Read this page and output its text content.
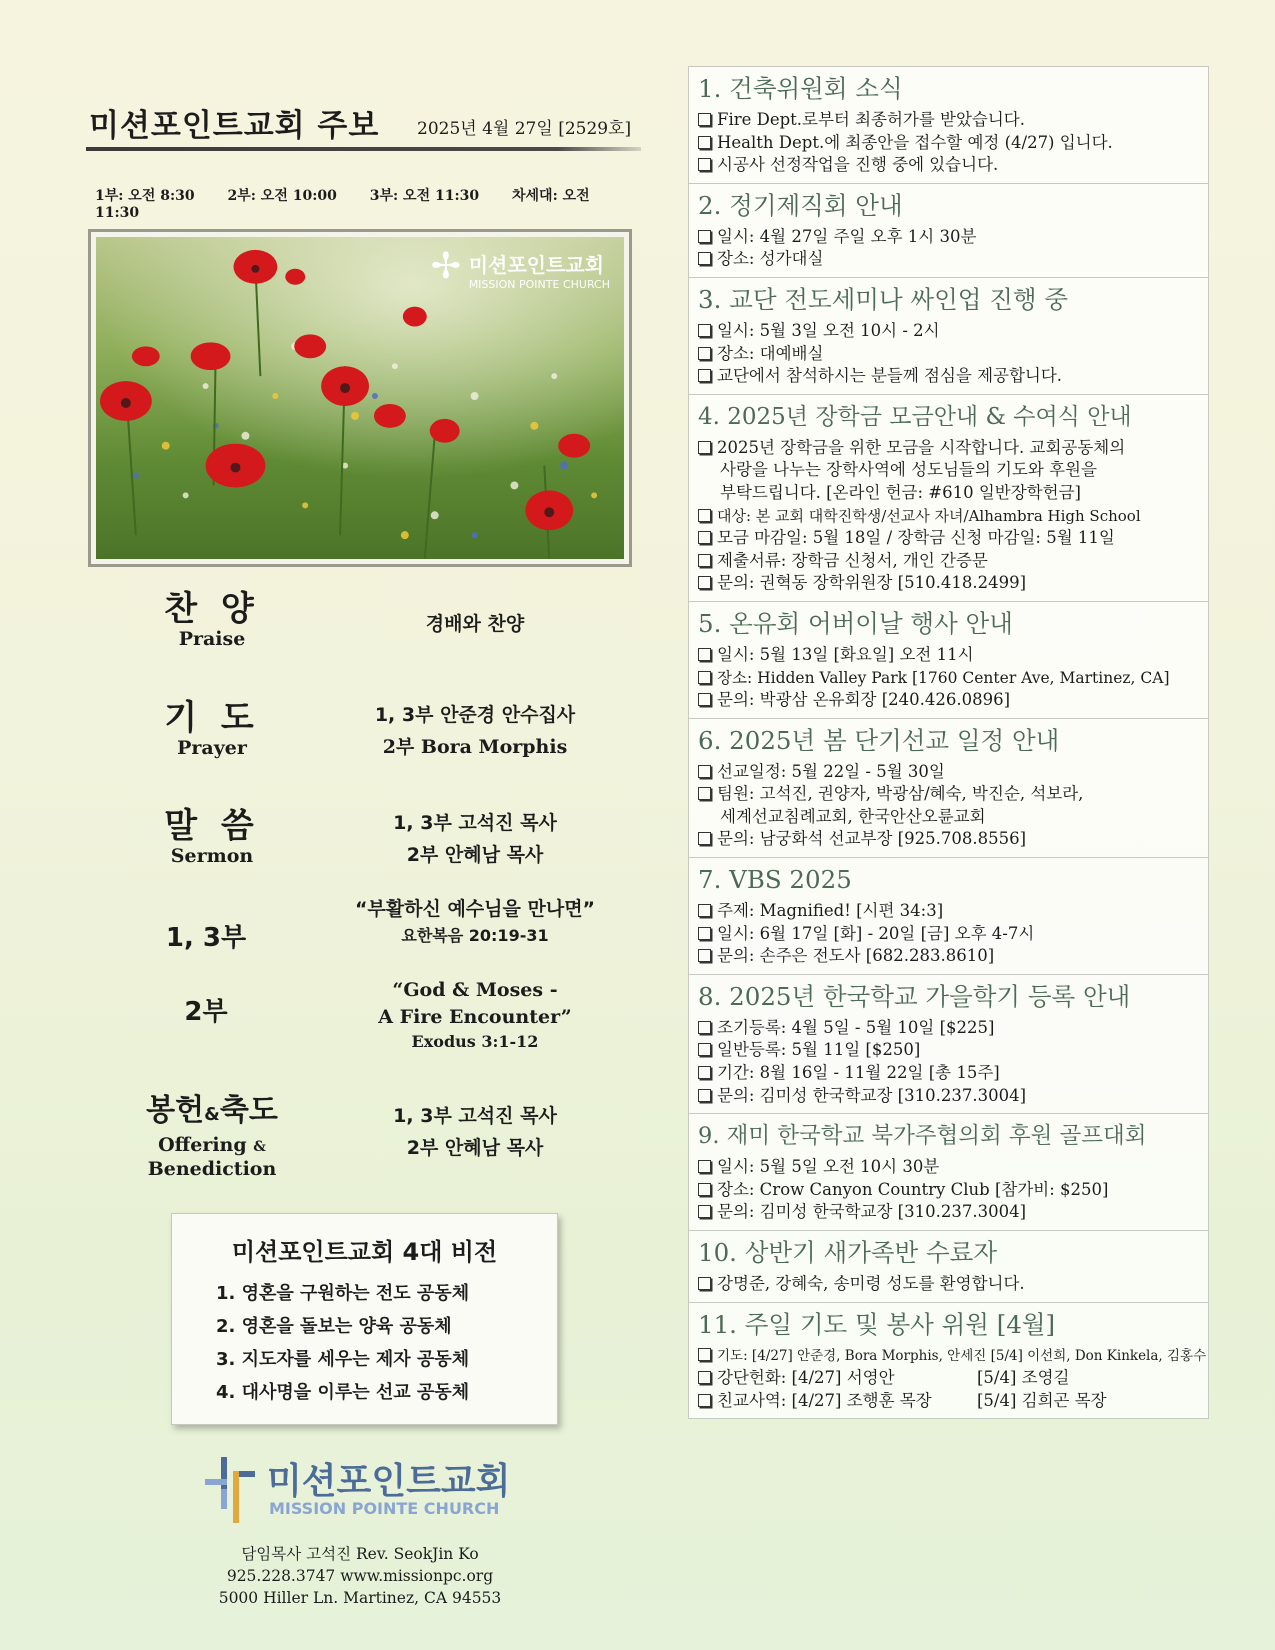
미션포인트교회 주보 2025년 4월 27일 [2529호]
1부: 오전 8:30 2부: 오전 10:00 3부: 오전 11:30 차세대: 오전 11:30
✢ 미션포인트교회
MISSION POINTE CHURCH
찬 양
Praise
경배와 찬양
기 도
Prayer
1, 3부 안준경 안수집사
2부 Bora Morphis
말 씀
Sermon
1, 3부 고석진 목사
2부 안혜남 목사
1, 3부
“부활하신 예수님을 만나면”
요한복음 20:19-31
2부
“God & Moses -
A Fire Encounter”
Exodus 3:1-12
봉헌&축도
Offering &
Benediction
1, 3부 고석진 목사
2부 안혜남 목사
미션포인트교회 4대 비전
1. 영혼을 구원하는 전도 공동체
2. 영혼을 돌보는 양육 공동체
3. 지도자를 세우는 제자 공동체
4. 대사명을 이루는 선교 공동체
미션포인트교회
MISSION POINTE CHURCH
담임목사 고석진 Rev. SeokJin Ko
925.228.3747 www.missionpc.org
5000 Hiller Ln. Martinez, CA 94553
1. 건축위원회 소식
Fire Dept.로부터 최종허가를 받았습니다.
Health Dept.에 최종안을 접수할 예정 (4/27) 입니다.
시공사 선정작업을 진행 중에 있습니다.
2. 정기제직회 안내
일시: 4월 27일 주일 오후 1시 30분
장소: 성가대실
3. 교단 전도세미나 싸인업 진행 중
일시: 5월 3일 오전 10시 - 2시
장소: 대예배실
교단에서 참석하시는 분들께 점심을 제공합니다.
4. 2025년 장학금 모금안내 & 수여식 안내
2025년 장학금을 위한 모금을 시작합니다. 교회공동체의
사랑을 나누는 장학사역에 성도님들의 기도와 후원을
부탁드립니다. [온라인 헌금: #610 일반장학헌금]
대상: 본 교회 대학진학생/선교사 자녀/Alhambra High School
모금 마감일: 5월 18일 / 장학금 신청 마감일: 5월 11일
제출서류: 장학금 신청서, 개인 간증문
문의: 권혁동 장학위원장 [510.418.2499]
5. 온유회 어버이날 행사 안내
일시: 5월 13일 [화요일] 오전 11시
장소: Hidden Valley Park [1760 Center Ave, Martinez, CA]
문의: 박광삼 온유회장 [240.426.0896]
6. 2025년 봄 단기선교 일정 안내
선교일정: 5월 22일 - 5월 30일
팀원: 고석진, 권양자, 박광삼/혜숙, 박진순, 석보라,
세계선교침례교회, 한국안산오륜교회
문의: 남궁화석 선교부장 [925.708.8556]
7. VBS 2025
주제: Magnified! [시편 34:3]
일시: 6월 17일 [화] - 20일 [금] 오후 4-7시
문의: 손주은 전도사 [682.283.8610]
8. 2025년 한국학교 가을학기 등록 안내
조기등록: 4월 5일 - 5월 10일 [$225]
일반등록: 5월 11일 [$250]
기간: 8월 16일 - 11월 22일 [총 15주]
문의: 김미성 한국학교장 [310.237.3004]
9. 재미 한국학교 북가주협의회 후원 골프대회
일시: 5월 5일 오전 10시 30분
장소: Crow Canyon Country Club [참가비: $250]
문의: 김미성 한국학교장 [310.237.3004]
10. 상반기 새가족반 수료자
강명준, 강혜숙, 송미령 성도를 환영합니다.
11. 주일 기도 및 봉사 위원 [4월]
기도: [4/27] 안준경, Bora Morphis, 안세진 [5/4] 이선희, Don Kinkela, 김홍수
강단헌화: [4/27] 서영안	[5/4] 조영길
친교사역: [4/27] 조행훈 목장	[5/4] 김희곤 목장
